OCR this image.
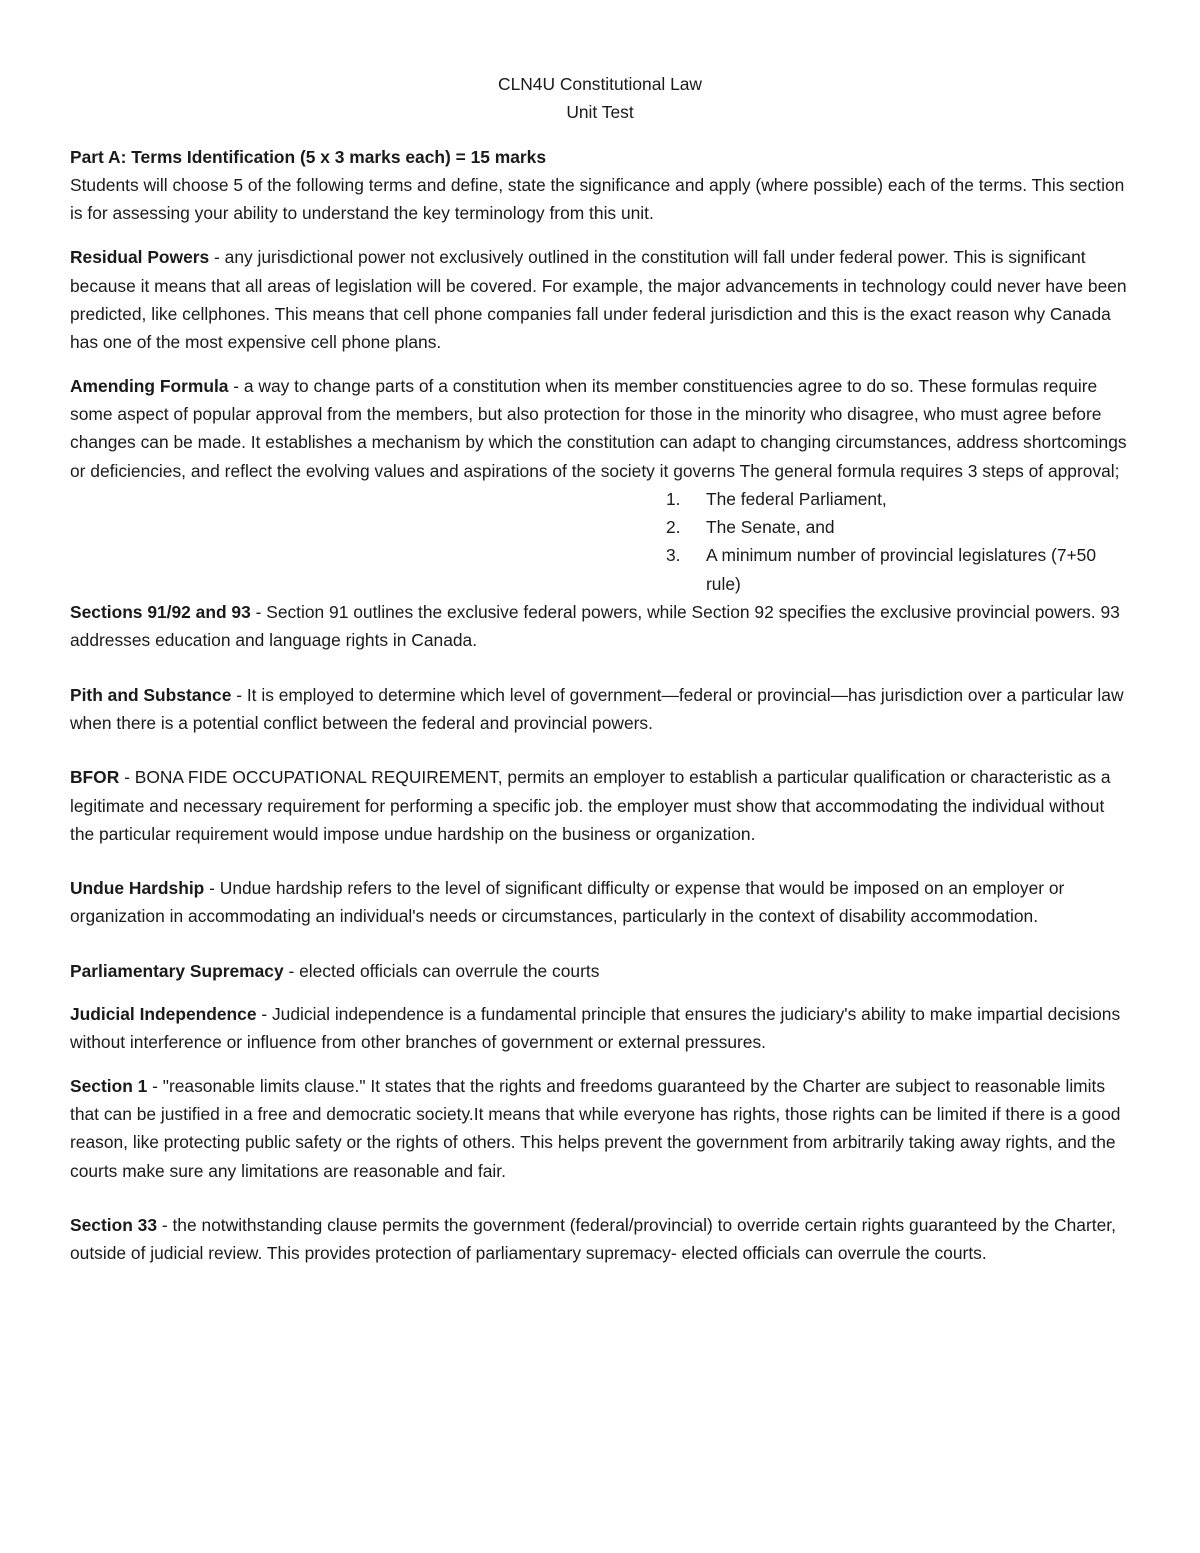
CLN4U Constitutional Law

Unit Test

Part A: Terms Identification (5 x 3 marks each) = 15 marks

Students will choose 5 of the following terms and define, state the significance and apply (where possible) each of the terms. This section is for assessing your ability to understand the key terminology from this unit.

Residual Powers - any jurisdictional power not exclusively outlined in the constitution will fall under federal power. This is significant because it means that all areas of legislation will be covered. For example, the major advancements in technology could never have been predicted, like cellphones. This means that cell phone companies fall under federal jurisdiction and this is the exact reason why Canada has one of the most expensive cell phone plans.

Amending Formula - a way to change parts of a constitution when its member constituencies agree to do so. These formulas require some aspect of popular approval from the members, but also protection for those in the minority who disagree, who must agree before changes can be made. It establishes a mechanism by which the constitution can adapt to changing circumstances, address shortcomings or deficiencies, and reflect the evolving values and aspirations of the society it governs The general formula requires 3 steps of approval;

1. The federal Parliament,
2. The Senate, and
3. A minimum number of provincial legislatures (7+50 rule)

Sections 91/92 and 93 - Section 91 outlines the exclusive federal powers, while Section 92 specifies the exclusive provincial powers. 93 addresses education and language rights in Canada.

Pith and Substance - It is employed to determine which level of government—federal or provincial—has jurisdiction over a particular law when there is a potential conflict between the federal and provincial powers.

BFOR - BONA FIDE OCCUPATIONAL REQUIREMENT, permits an employer to establish a particular qualification or characteristic as a legitimate and necessary requirement for performing a specific job. the employer must show that accommodating the individual without the particular requirement would impose undue hardship on the business or organization.

Undue Hardship - Undue hardship refers to the level of significant difficulty or expense that would be imposed on an employer or organization in accommodating an individual's needs or circumstances, particularly in the context of disability accommodation.

Parliamentary Supremacy - elected officials can overrule the courts

Judicial Independence - Judicial independence is a fundamental principle that ensures the judiciary's ability to make impartial decisions without interference or influence from other branches of government or external pressures.

Section 1 - "reasonable limits clause." It states that the rights and freedoms guaranteed by the Charter are subject to reasonable limits that can be justified in a free and democratic society.It means that while everyone has rights, those rights can be limited if there is a good reason, like protecting public safety or the rights of others. This helps prevent the government from arbitrarily taking away rights, and the courts make sure any limitations are reasonable and fair.

Section 33 - the notwithstanding clause permits the government (federal/provincial) to override certain rights guaranteed by the Charter, outside of judicial review. This provides protection of parliamentary supremacy- elected officials can overrule the courts.
